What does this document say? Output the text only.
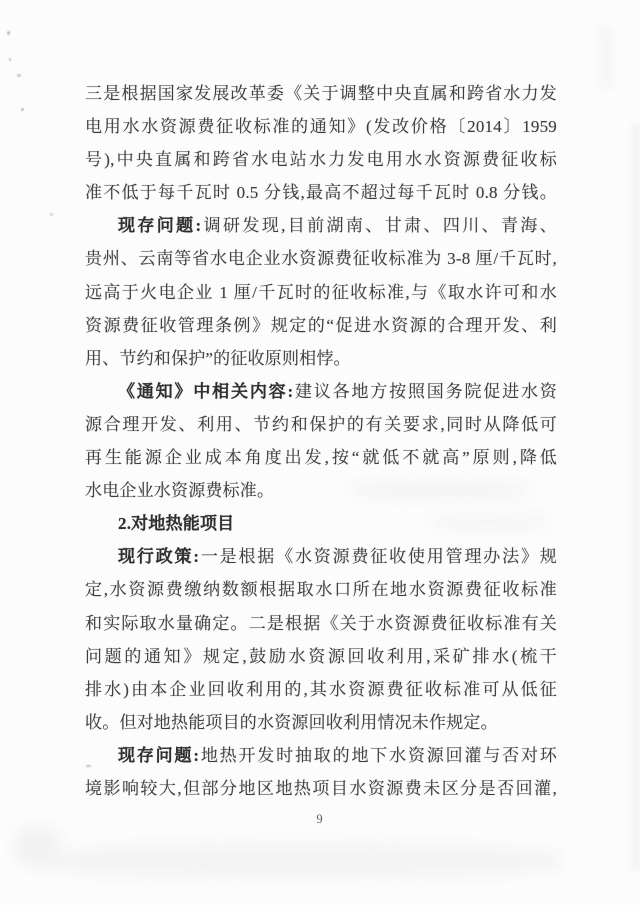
三是根据国家发展改革委《关于调整中央直属和跨省水力发
电用水水资源费征收标准的通知》(发改价格〔2014〕1959
号),中央直属和跨省水电站水力发电用水水资源费征收标
准不低于每千瓦时 0.5 分钱,最高不超过每千瓦时 0.8 分钱。
现存问题:调研发现,目前湖南、甘肃、四川、青海、
贵州、云南等省水电企业水资源费征收标准为 3-8 厘/千瓦时,
远高于火电企业 1 厘/千瓦时的征收标准,与《取水许可和水
资源费征收管理条例》规定的“促进水资源的合理开发、利
用、节约和保护”的征收原则相悖。
《通知》中相关内容:建议各地方按照国务院促进水资
源合理开发、利用、节约和保护的有关要求,同时从降低可
再生能源企业成本角度出发,按“就低不就高”原则,降低
水电企业水资源费标准。
2.对地热能项目
现行政策:一是根据《水资源费征收使用管理办法》规
定,水资源费缴纳数额根据取水口所在地水资源费征收标准
和实际取水量确定。二是根据《关于水资源费征收标准有关
问题的通知》规定,鼓励水资源回收利用,采矿排水(梳干
排水)由本企业回收利用的,其水资源费征收标准可从低征
收。但对地热能项目的水资源回收利用情况未作规定。
现存问题:地热开发时抽取的地下水资源回灌与否对环
境影响较大,但部分地区地热项目水资源费未区分是否回灌,
9
